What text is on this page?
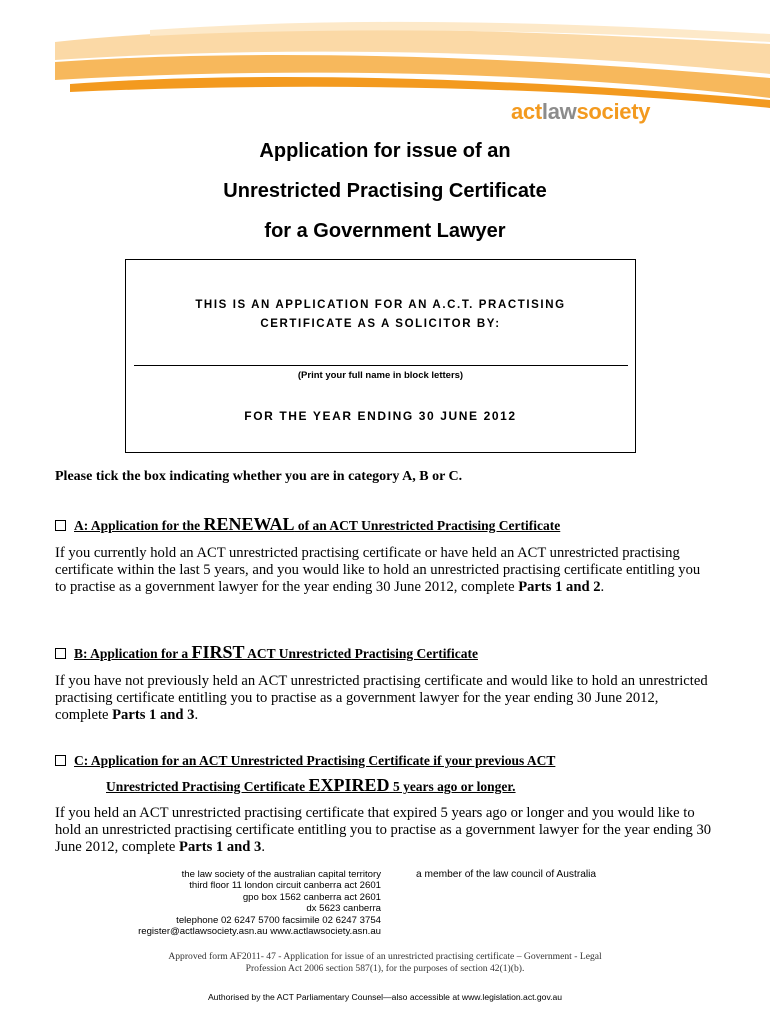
actlawsociety
Application for issue of an
Unrestricted Practising Certificate
for a Government Lawyer
THIS IS AN APPLICATION FOR AN A.C.T. PRACTISING
CERTIFICATE AS A SOLICITOR BY:
(Print your full name in block letters)
FOR THE YEAR ENDING 30 JUNE 2012
Please tick the box indicating whether you are in category A, B or C.
A: Application for the RENEWAL of an ACT Unrestricted Practising Certificate
If you currently hold an ACT unrestricted practising certificate or have held an ACT unrestricted practising certificate within the last 5 years, and you would like to hold an unrestricted practising certificate entitling you to practise as a government lawyer for the year ending 30 June 2012, complete Parts 1 and 2.
B: Application for a FIRST ACT Unrestricted Practising Certificate
If you have not previously held an ACT unrestricted practising certificate and would like to hold an unrestricted practising certificate entitling you to practise as a government lawyer for the year ending 30 June 2012, complete Parts 1 and 3.
C: Application for an ACT Unrestricted Practising Certificate if your previous ACT
Unrestricted Practising Certificate EXPIRED 5 years ago or longer.
If you held an ACT unrestricted practising certificate that expired 5 years ago or longer and you would like to hold an unrestricted practising certificate entitling you to practise as a government lawyer for the year ending 30 June 2012, complete Parts 1 and 3.
the law society of the australian capital territory
third floor 11 london circuit canberra act 2601
gpo box 1562 canberra act 2601
dx 5623 canberra
telephone 02 6247 5700 facsimile 02 6247 3754
register@actlawsociety.asn.au www.actlawsociety.asn.au
a member of the law council of Australia
Approved form AF2011- 47 - Application for issue of an unrestricted practising certificate – Government - Legal
Profession Act 2006 section 587(1), for the purposes of section 42(1)(b).
Authorised by the ACT Parliamentary Counsel—also accessible at www.legislation.act.gov.au
